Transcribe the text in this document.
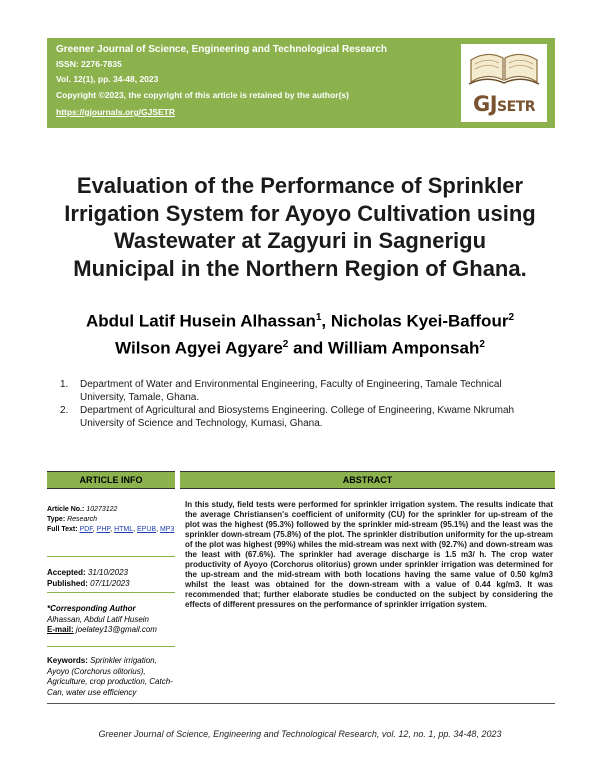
Greener Journal of Science, Engineering and Technological Research
ISSN: 2276-7835
Vol. 12(1), pp. 34-48, 2023
Copyright ©2023, the copyright of this article is retained by the author(s)
https://gjournals.org/GJSETR	GJSETR
Evaluation of the Performance of Sprinkler
Irrigation System for Ayoyo Cultivation using
Wastewater at Zagyuri in Sagnerigu
Municipal in the Northern Region of Ghana.
Abdul Latif Husein Alhassan$^1$, Nicholas Kyei-Baffour$^2$
Wilson Agyei Agyare$^2$ and William Amponsah$^2$
1. Department of Water and Environmental Engineering, Faculty of Engineering, Tamale Technical University, Tamale, Ghana.
2. Department of Agricultural and Biosystems Engineering. College of Engineering, Kwame Nkrumah University of Science and Technology, Kumasi, Ghana.
ARTICLE INFO	ABSTRACT
Article No.: 10273122
Type: Research
Full Text: PDF, PHP, HTML, EPUB, MP3
Accepted: 31/10/2023
Published: 07/11/2023
*Corresponding Author
Alhassan, Abdul Latif Husein
E-mail: joelatey13@gmail.com
Keywords: Sprinkler irrigation, Ayoyo (Corchorus olitorius), Agriculture, crop production, Catch-Can, water use efficiency
In this study, field tests were performed for sprinkler irrigation system. The results indicate that the average Christiansen's coefficient of uniformity (CU) for the sprinkler for up-stream of the plot was the highest (95.3%) followed by the sprinkler mid-stream (95.1%) and the least was the sprinkler down-stream (75.8%) of the plot. The sprinkler distribution uniformity for the up-stream of the plot was highest (99%) whiles the mid-stream was next with (92.7%) and down-stream was the least with (67.6%). The sprinkler had average discharge is 1.5 m3/ h. The crop water productivity of Ayoyo (Corchorus olitorius) grown under sprinkler irrigation was determined for the up-stream and the mid-stream with both locations having the same value of 0.50 kg/m3 whilst the least was obtained for the down-stream with a value of 0.44 kg/m3. It was recommended that; further elaborate studies be conducted on the subject by considering the effects of different pressures on the performance of sprinkler irrigation system.
Greener Journal of Science, Engineering and Technological Research, vol. 12, no. 1, pp. 34-48, 2023
